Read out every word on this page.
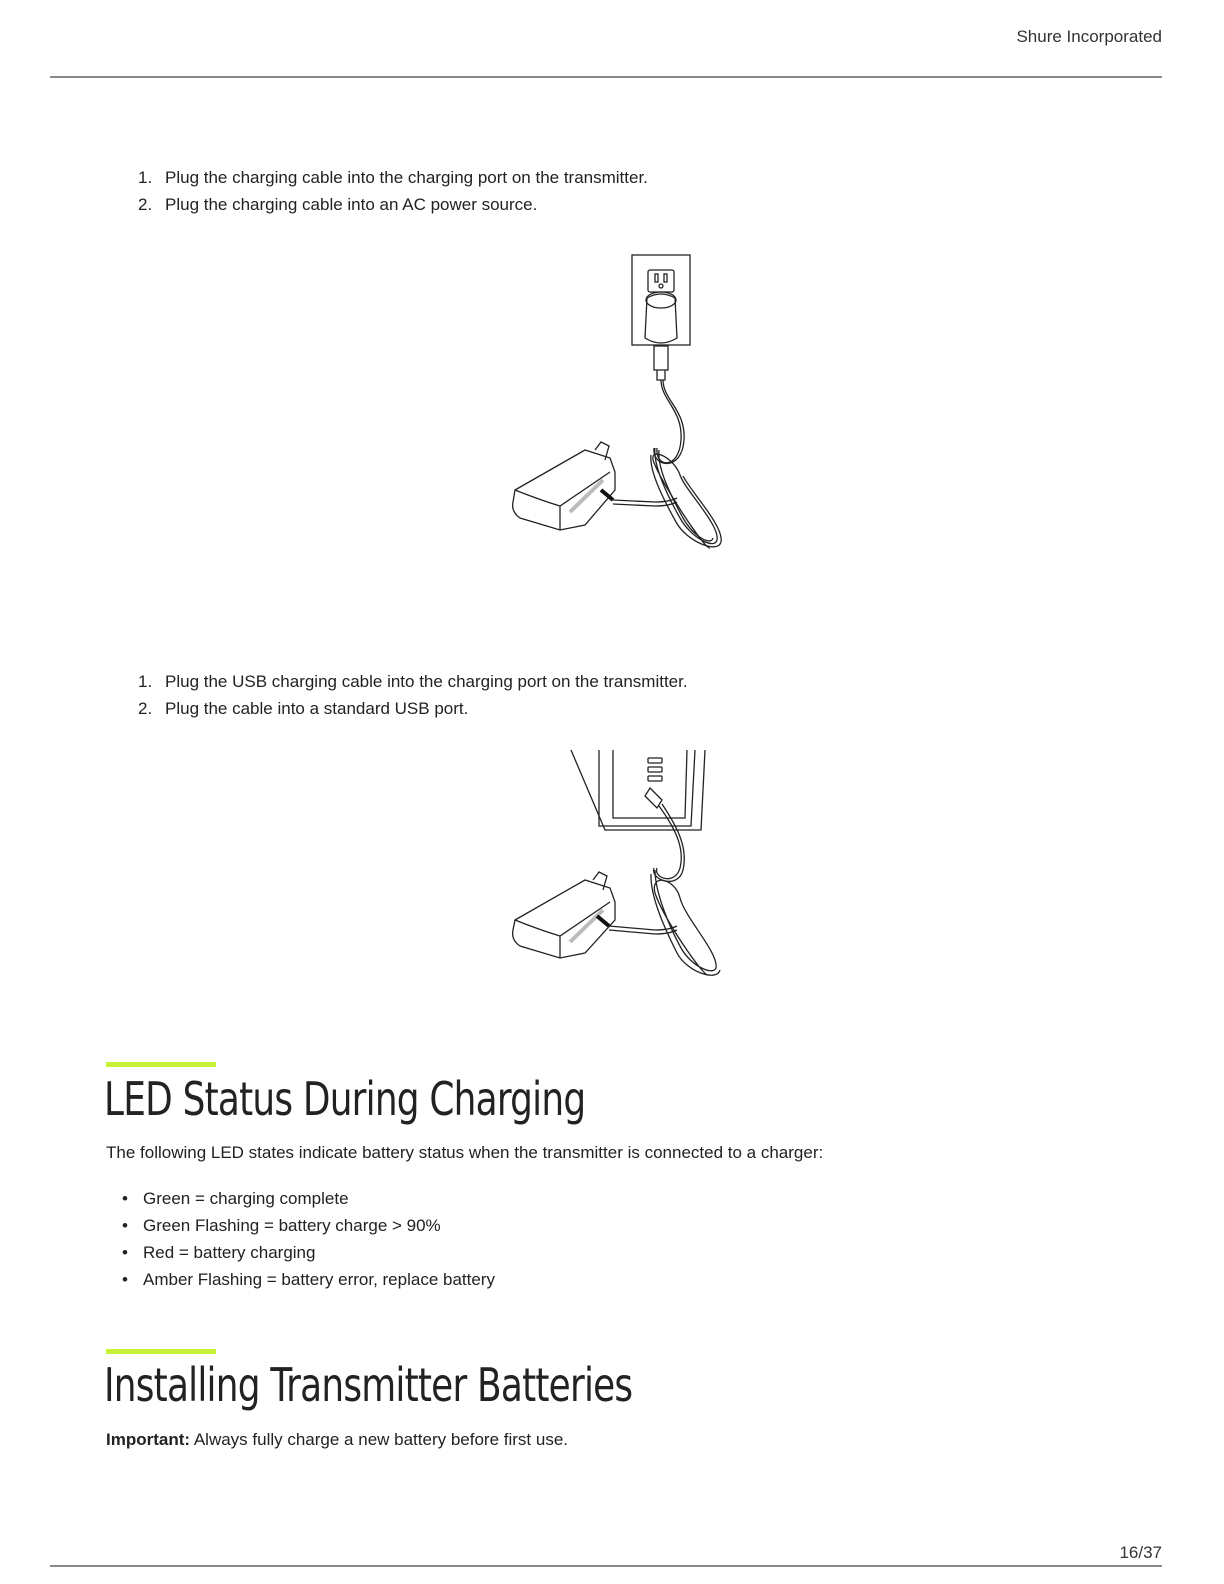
Shure Incorporated
1. Plug the charging cable into the charging port on the transmitter.
2. Plug the charging cable into an AC power source.
1. Plug the USB charging cable into the charging port on the transmitter.
2. Plug the cable into a standard USB port.
LED Status During Charging

The following LED states indicate battery status when the transmitter is connected to a charger:

• Green = charging complete
• Green Flashing = battery charge > 90%
• Red = battery charging
• Amber Flashing = battery error, replace battery
Installing Transmitter Batteries

Important: Always fully charge a new battery before first use.

16/37
